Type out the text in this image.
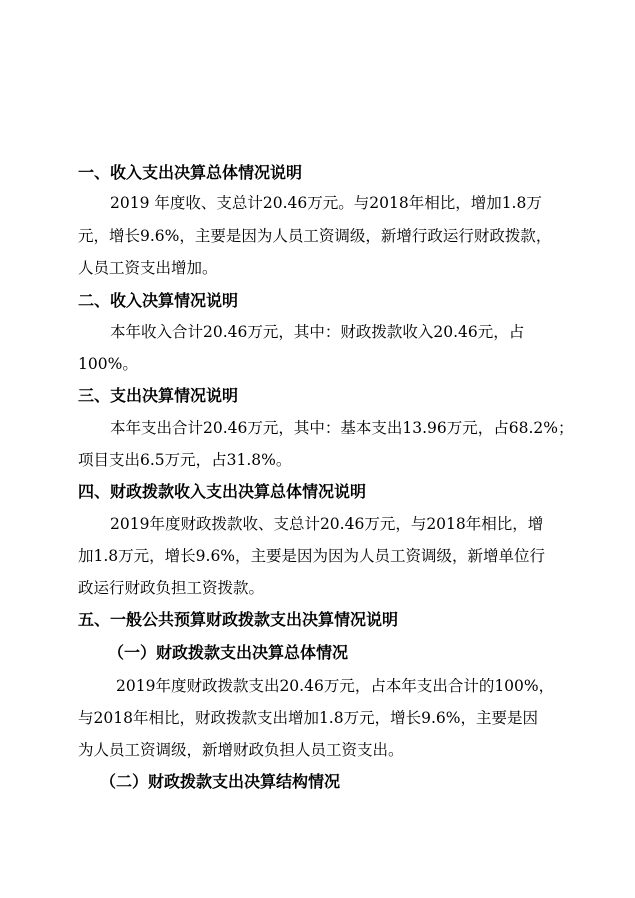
一、收入支出决算总体情况说明
2019 年度收、支总计20.46万元。与2018年相比，增加1.8万
元，增长9.6%，主要是因为人员工资调级，新增行政运行财政拨款，
人员工资支出增加。
二、收入决算情况说明
本年收入合计20.46万元，其中：财政拨款收入20.46元，占
100%。
三、支出决算情况说明
本年支出合计20.46万元，其中：基本支出13.96万元，占68.2%；
项目支出6.5万元，占31.8%。
四、财政拨款收入支出决算总体情况说明
2019年度财政拨款收、支总计20.46万元，与2018年相比，增
加1.8万元，增长9.6%，主要是因为因为人员工资调级，新增单位行
政运行财政负担工资拨款。
五、一般公共预算财政拨款支出决算情况说明
（一）财政拨款支出决算总体情况
2019年度财政拨款支出20.46万元，占本年支出合计的100%，
与2018年相比，财政拨款支出增加1.8万元，增长9.6%，主要是因
为人员工资调级，新增财政负担人员工资支出。
（二）财政拨款支出决算结构情况
